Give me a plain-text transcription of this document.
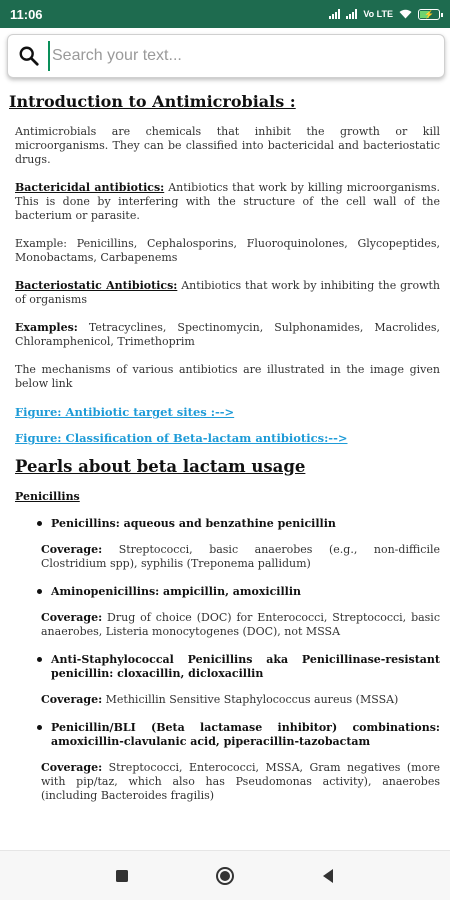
11:06	Vo LTE	⚡
Search your text...
Introduction to Antimicrobials :

Antimicrobials are chemicals that inhibit the growth or kill microorganisms. They can be classified into bactericidal and bacteriostatic drugs.

Bactericidal antibiotics: Antibiotics that work by killing microorganisms. This is done by interfering with the structure of the cell wall of the bacterium or parasite.

Example: Penicillins, Cephalosporins, Fluoroquinolones, Glycopeptides, Monobactams, Carbapenems

Bacteriostatic Antibiotics: Antibiotics that work by inhibiting the growth of organisms

Examples: Tetracyclines, Spectinomycin, Sulphonamides, Macrolides, Chloramphenicol, Trimethoprim

The mechanisms of various antibiotics are illustrated in the image given below link

Figure: Antibiotic target sites :-->
Figure: Classification of Beta-lactam antibiotics:-->
Pearls about beta lactam usage
Penicillins
Penicillins: aqueous and benzathine penicillin

Coverage: Streptococci, basic anaerobes (e.g., non-difficile Clostridium spp), syphilis (Treponema pallidum)

Aminopenicillins: ampicillin, amoxicillin

Coverage: Drug of choice (DOC) for Enterococci, Streptococci, basic anaerobes, Listeria monocytogenes (DOC), not MSSA

Anti-Staphylococcal Penicillins aka Penicillinase-resistant penicillin: cloxacillin, dicloxacillin

Coverage: Methicillin Sensitive Staphylococcus aureus (MSSA)

Penicillin/BLI (Beta lactamase inhibitor) combinations: amoxicillin-clavulanic acid, piperacillin-tazobactam

Coverage: Streptococci, Enterococci, MSSA, Gram negatives (more with pip/taz, which also has Pseudomonas activity), anaerobes (including Bacteroides fragilis)
